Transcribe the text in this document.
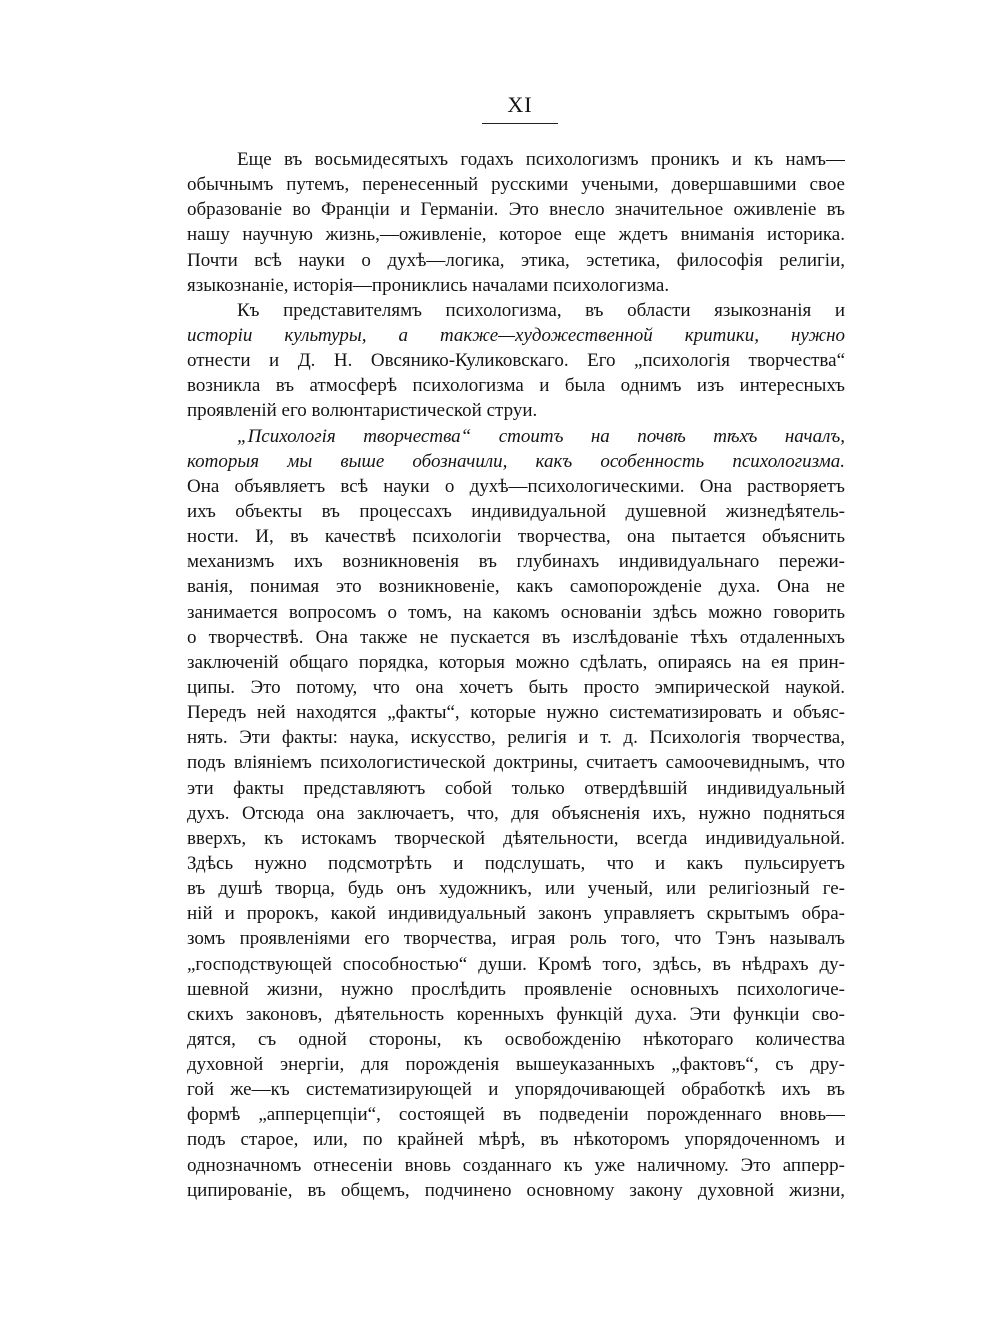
XI
Еще въ восьмидесятыхъ годахъ психологизмъ проникъ и къ намъ—
обычнымъ путемъ, перенесенный русскими учеными, довершавшими свое
образованіе во Франціи и Германіи. Это внесло значительное оживленіе въ
нашу научную жизнь,—оживленіе, которое еще ждетъ вниманія историка.
Почти всѣ науки о духѣ—логика, этика, эстетика, философія религіи,
языкознаніе, исторія—прониклись началами психологизма.
Къ представителямъ психологизма, въ области языкознанія и
исторіи культуры, а также—художественной критики, нужно
отнести и Д. Н. Овсянико-Куликовскаго. Его „психологія творчества“
возникла въ атмосферѣ психологизма и была однимъ изъ интересныхъ
проявленій его волюнтаристической струи.
„Психологія творчества“ стоитъ на почвѣ тѣхъ началъ,
которыя мы выше обозначили, какъ особенность психологизма.
Она объявляетъ всѣ науки о духѣ—психологическими. Она растворяетъ
ихъ объекты въ процессахъ индивидуальной душевной жизнедѣятель-
ности. И, въ качествѣ психологіи творчества, она пытается объяснить
механизмъ ихъ возникновенія въ глубинахъ индивидуальнаго пережи-
ванія, понимая это возникновеніе, какъ самопорожденіе духа. Она не
занимается вопросомъ о томъ, на какомъ основаніи здѣсь можно говорить
о творчествѣ. Она также не пускается въ изслѣдованіе тѣхъ отдаленныхъ
заключеній общаго порядка, которыя можно сдѣлать, опираясь на ея прин-
ципы. Это потому, что она хочетъ быть просто эмпирической наукой.
Передъ ней находятся „факты“, которые нужно систематизировать и объяс-
нять. Эти факты: наука, искусство, религія и т. д. Психологія творчества,
подъ вліяніемъ психологистической доктрины, считаетъ самоочевиднымъ, что
эти факты представляютъ собой только отвердѣвшій индивидуальный
духъ. Отсюда она заключаетъ, что, для объясненія ихъ, нужно подняться
вверхъ, къ истокамъ творческой дѣятельности, всегда индивидуальной.
Здѣсь нужно подсмотрѣть и подслушать, что и какъ пульсируетъ
въ душѣ творца, будь онъ художникъ, или ученый, или религіозный ге-
ній и пророкъ, какой индивидуальный законъ управляетъ скрытымъ обра-
зомъ проявленіями его творчества, играя роль того, что Тэнъ называлъ
„господствующей способностью“ души. Кромѣ того, здѣсь, въ нѣдрахъ ду-
шевной жизни, нужно прослѣдить проявленіе основныхъ психологиче-
скихъ законовъ, дѣятельность коренныхъ функцій духа. Эти функціи сво-
дятся, съ одной стороны, къ освобожденію нѣкотораго количества
духовной энергіи, для порожденія вышеуказанныхъ „фактовъ“, съ дру-
гой же—къ систематизирующей и упорядочивающей обработкѣ ихъ въ
формѣ „апперцепціи“, состоящей въ подведеніи порожденнаго вновь—
подъ старое, или, по крайней мѣрѣ, въ нѣкоторомъ упорядоченномъ и
однозначномъ отнесеніи вновь созданнаго къ уже наличному. Это апперр-
ципированіе, въ общемъ, подчинено основному закону духовной жизни,
